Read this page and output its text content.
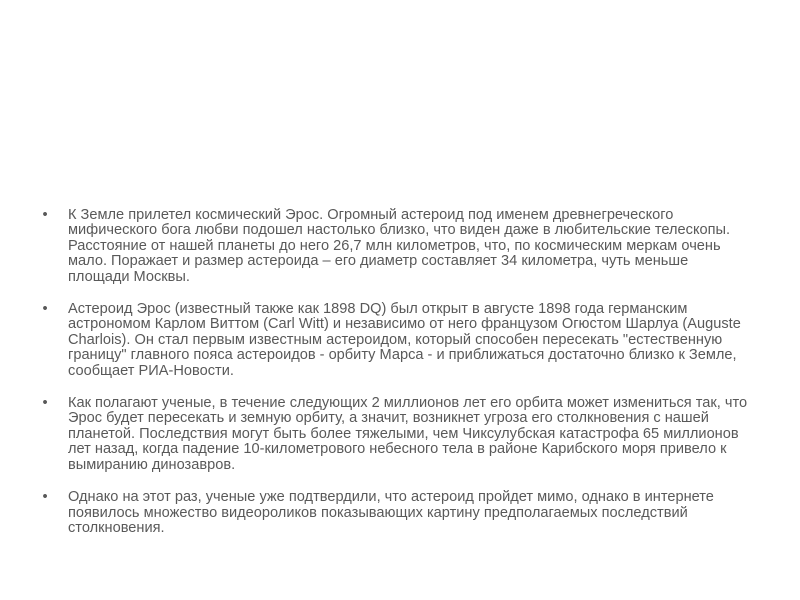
• К Земле прилетел космический Эрос. Огромный астероид под именем древнегреческого мифического бога любви подошел настолько близко, что виден даже в любительские телескопы. Расстояние от нашей планеты до него 26,7 млн километров, что, по космическим меркам очень мало. Поражает и размер астероида – его диаметр составляет 34 километра, чуть меньше площади Москвы.
• Астероид Эрос (известный также как 1898 DQ) был открыт в августе 1898 года германским астрономом Карлом Виттом (Carl Witt) и независимо от него французом Огюстом Шарлуа (Auguste Charlois). Он стал первым известным астероидом, который способен пересекать "естественную границу" главного пояса астероидов - орбиту Марса - и приближаться достаточно близко к Земле, сообщает РИА-Новости.
• Как полагают ученые, в течение следующих 2 миллионов лет его орбита может измениться так, что Эрос будет пересекать и земную орбиту, а значит, возникнет угроза его столкновения с нашей планетой. Последствия могут быть более тяжелыми, чем Чиксулубская катастрофа 65 миллионов лет назад, когда падение 10-километрового небесного тела в районе Карибского моря привело к вымиранию динозавров.
• Однако на этот раз, ученые уже подтвердили, что астероид пройдет мимо, однако в интернете появилось множество видеороликов показывающих картину предполагаемых последствий столкновения.
